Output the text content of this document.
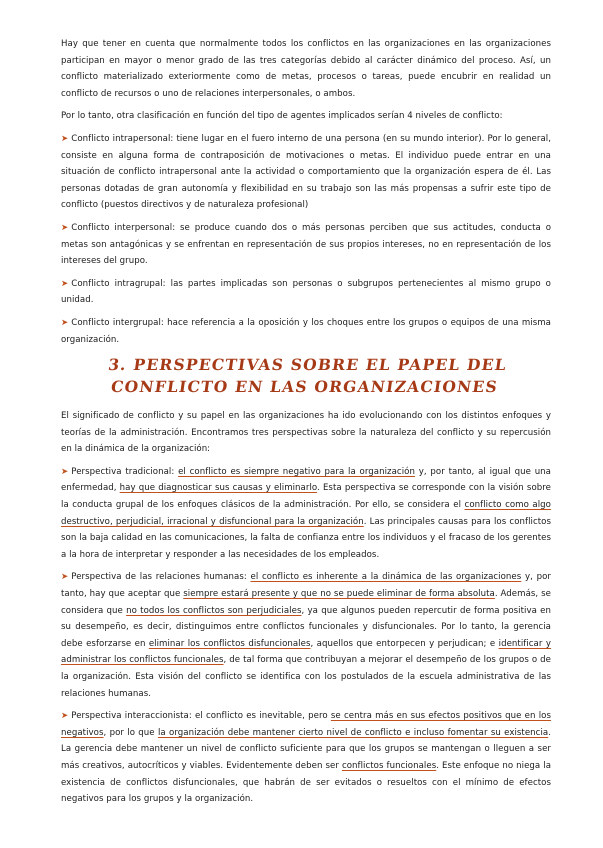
Hay que tener en cuenta que normalmente todos los conflictos en las organizaciones en las organizaciones participan en mayor o menor grado de las tres categorías debido al carácter dinámico del proceso. Así, un conflicto materializado exteriormente como de metas, procesos o tareas, puede encubrir en realidad un conflicto de recursos o uno de relaciones interpersonales, o ambos.

Por lo tanto, otra clasificación en función del tipo de agentes implicados serían 4 niveles de conflicto:

➤ Conflicto intrapersonal: tiene lugar en el fuero interno de una persona (en su mundo interior). Por lo general, consiste en alguna forma de contraposición de motivaciones o metas. El individuo puede entrar en una situación de conflicto intrapersonal ante la actividad o comportamiento que la organización espera de él. Las personas dotadas de gran autonomía y flexibilidad en su trabajo son las más propensas a sufrir este tipo de conflicto (puestos directivos y de naturaleza profesional)

➤ Conflicto interpersonal: se produce cuando dos o más personas perciben que sus actitudes, conducta o metas son antagónicas y se enfrentan en representación de sus propios intereses, no en representación de los intereses del grupo.

➤ Conflicto intragrupal: las partes implicadas son personas o subgrupos pertenecientes al mismo grupo o unidad.

➤ Conflicto intergrupal: hace referencia a la oposición y los choques entre los grupos o equipos de una misma organización.

3. PERSPECTIVAS SOBRE EL PAPEL DEL CONFLICTO EN LAS ORGANIZACIONES

El significado de conflicto y su papel en las organizaciones ha ido evolucionando con los distintos enfoques y teorías de la administración. Encontramos tres perspectivas sobre la naturaleza del conflicto y su repercusión en la dinámica de la organización:

➤ Perspectiva tradicional: el conflicto es siempre negativo para la organización y, por tanto, al igual que una enfermedad, hay que diagnosticar sus causas y eliminarlo. Esta perspectiva se corresponde con la visión sobre la conducta grupal de los enfoques clásicos de la administración. Por ello, se considera el conflicto como algo destructivo, perjudicial, irracional y disfuncional para la organización. Las principales causas para los conflictos son la baja calidad en las comunicaciones, la falta de confianza entre los individuos y el fracaso de los gerentes a la hora de interpretar y responder a las necesidades de los empleados.

➤ Perspectiva de las relaciones humanas: el conflicto es inherente a la dinámica de las organizaciones y, por tanto, hay que aceptar que siempre estará presente y que no se puede eliminar de forma absoluta. Además, se considera que no todos los conflictos son perjudiciales, ya que algunos pueden repercutir de forma positiva en su desempeño, es decir, distinguimos entre conflictos funcionales y disfuncionales. Por lo tanto, la gerencia debe esforzarse en eliminar los conflictos disfuncionales, aquellos que entorpecen y perjudican; e identificar y administrar los conflictos funcionales, de tal forma que contribuyan a mejorar el desempeño de los grupos o de la organización. Esta visión del conflicto se identifica con los postulados de la escuela administrativa de las relaciones humanas.

➤ Perspectiva interaccionista: el conflicto es inevitable, pero se centra más en sus efectos positivos que en los negativos, por lo que la organización debe mantener cierto nivel de conflicto e incluso fomentar su existencia. La gerencia debe mantener un nivel de conflicto suficiente para que los grupos se mantengan o lleguen a ser más creativos, autocríticos y viables. Evidentemente deben ser conflictos funcionales. Este enfoque no niega la existencia de conflictos disfuncionales, que habrán de ser evitados o resueltos con el mínimo de efectos negativos para los grupos y la organización.
